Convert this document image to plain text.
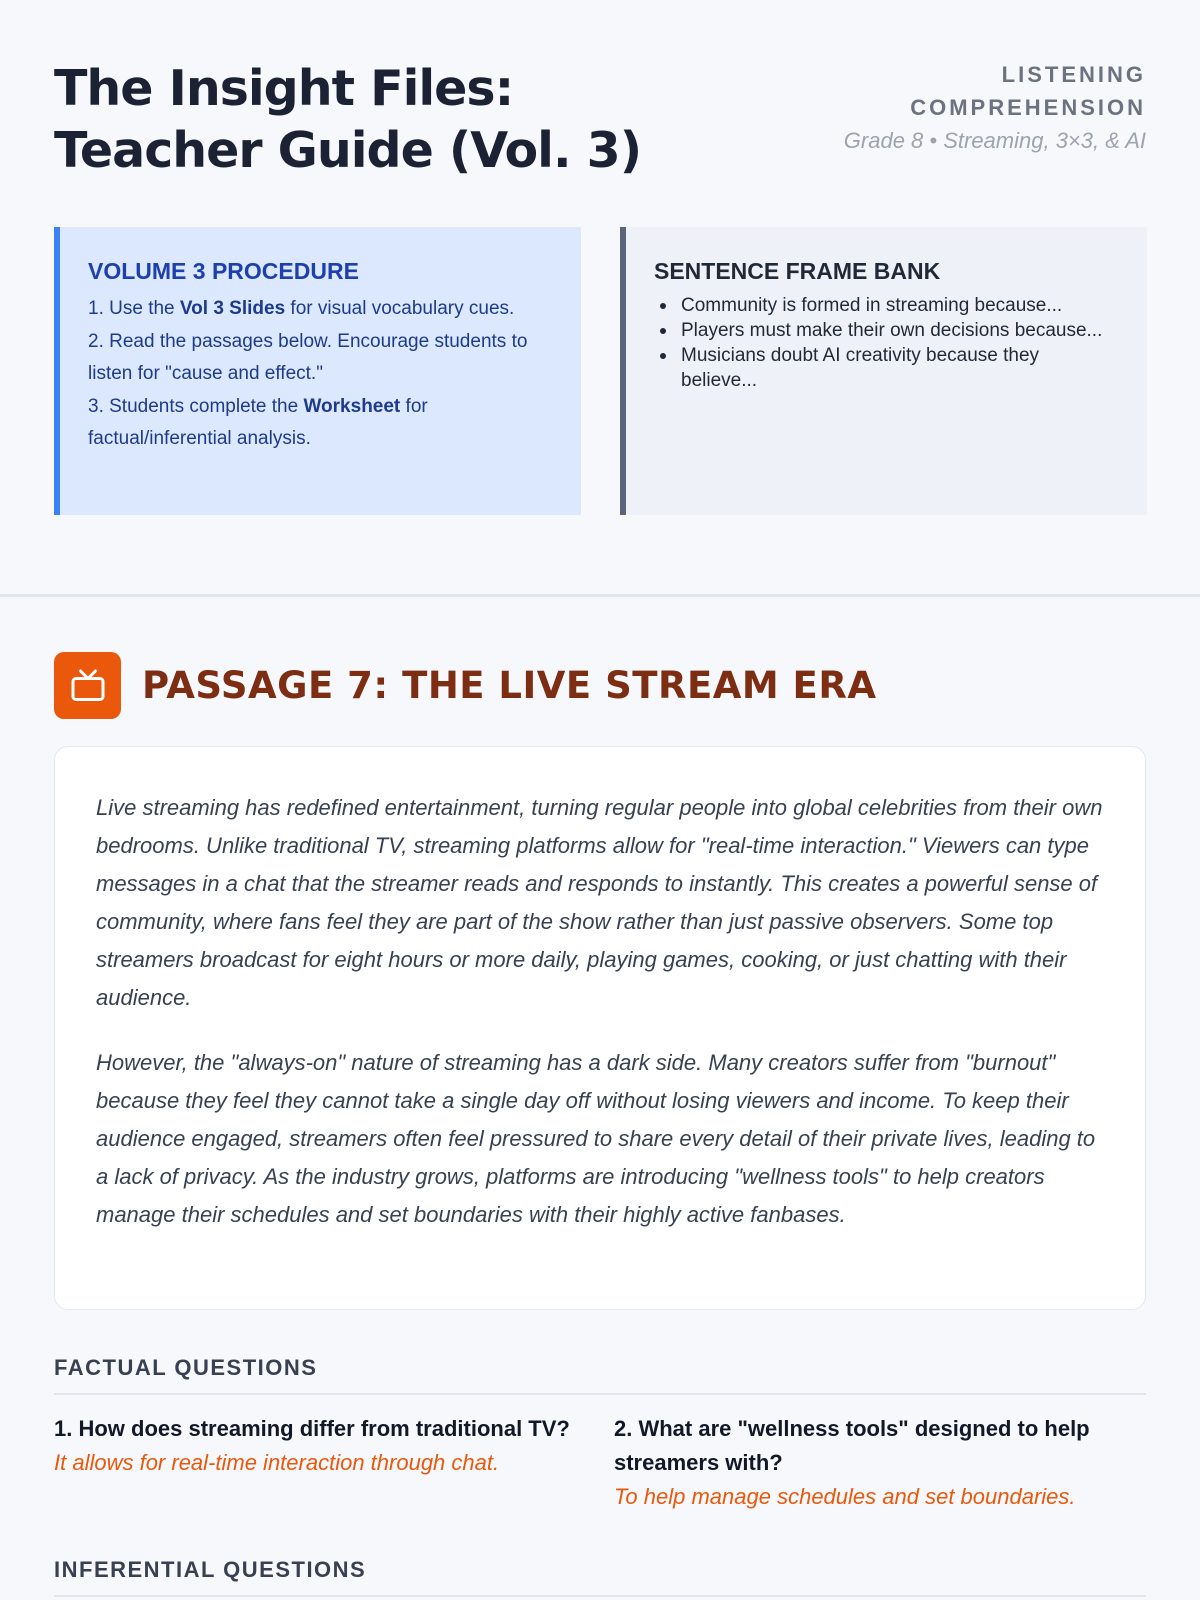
The Insight Files: Teacher Guide (Vol. 3)
LISTENING COMPREHENSION
Grade 8 • Streaming, 3×3, & AI
VOLUME 3 PROCEDURE
1. Use the Vol 3 Slides for visual vocabulary cues.
2. Read the passages below. Encourage students to listen for "cause and effect."
3. Students complete the Worksheet for factual/inferential analysis.
SENTENCE FRAME BANK
Community is formed in streaming because...
Players must make their own decisions because...
Musicians doubt AI creativity because they believe...
PASSAGE 7: THE LIVE STREAM ERA

Live streaming has redefined entertainment, turning regular people into global celebrities from their own bedrooms. Unlike traditional TV, streaming platforms allow for "real-time interaction." Viewers can type messages in a chat that the streamer reads and responds to instantly. This creates a powerful sense of community, where fans feel they are part of the show rather than just passive observers. Some top streamers broadcast for eight hours or more daily, playing games, cooking, or just chatting with their audience.

However, the "always-on" nature of streaming has a dark side. Many creators suffer from "burnout" because they feel they cannot take a single day off without losing viewers and income. To keep their audience engaged, streamers often feel pressured to share every detail of their private lives, leading to a lack of privacy. As the industry grows, platforms are introducing "wellness tools" to help creators manage their schedules and set boundaries with their highly active fanbases.

FACTUAL QUESTIONS
1. How does streaming differ from traditional TV?
It allows for real-time interaction through chat.
2. What are "wellness tools" designed to help streamers with?
To help manage schedules and set boundaries.
INFERENTIAL QUESTIONS
